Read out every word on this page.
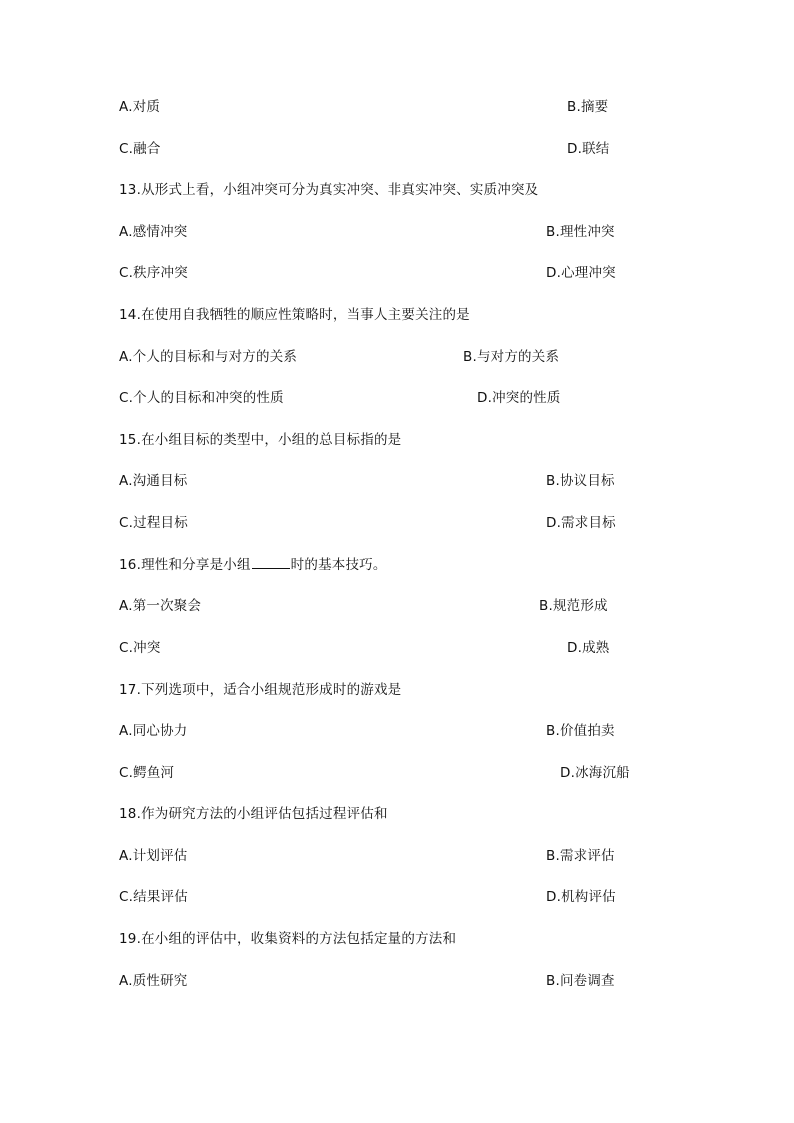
A.对质	B.摘要
C.融合	D.联结
13.从形式上看，小组冲突可分为真实冲突、非真实冲突、实质冲突及
A.感情冲突	B.理性冲突
C.秩序冲突	D.心理冲突
14.在使用自我牺牲的顺应性策略时，当事人主要关注的是
A.个人的目标和与对方的关系	B.与对方的关系
C.个人的目标和冲突的性质	D.冲突的性质
15.在小组目标的类型中，小组的总目标指的是
A.沟通目标	B.协议目标
C.过程目标	D.需求目标
16.理性和分享是小组	时的基本技巧。
A.第一次聚会	B.规范形成
C.冲突	D.成熟
17.下列选项中，适合小组规范形成时的游戏是
A.同心协力	B.价值拍卖
C.鳄鱼河	D.冰海沉船
18.作为研究方法的小组评估包括过程评估和
A.计划评估	B.需求评估
C.结果评估	D.机构评估
19.在小组的评估中，收集资料的方法包括定量的方法和
A.质性研究	B.问卷调查
